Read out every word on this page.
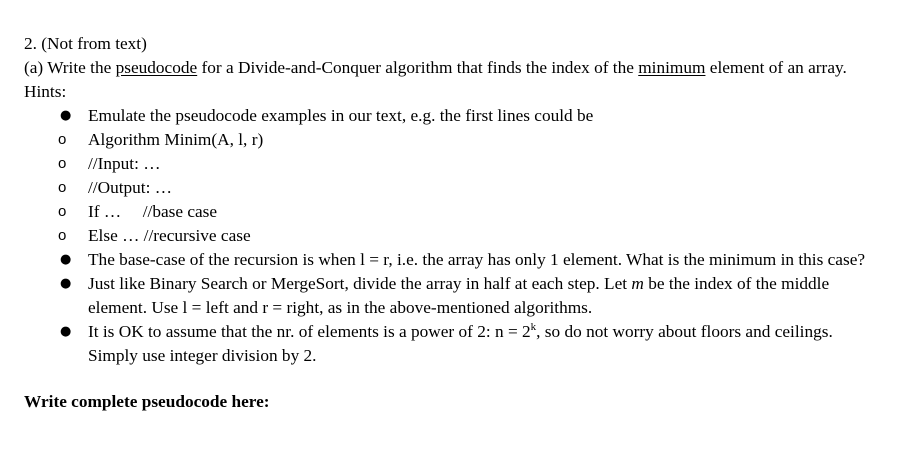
2. (Not from text)

(a) Write the pseudocode for a Divide-and-Conquer algorithm that finds the index of the minimum element of an array. Hints:

● Emulate the pseudocode examples in our text, e.g. the first lines could be
o Algorithm Minim(A, l, r)
o //Input: …
o //Output: …
o If …     //base case
o Else … //recursive case
● The base-case of the recursion is when l = r, i.e. the array has only 1 element. What is the minimum in this case?
● Just like Binary Search or MergeSort, divide the array in half at each step. Let m be the index of the middle element. Use l = left and r = right, as in the above-mentioned algorithms.
● It is OK to assume that the nr. of elements is a power of 2: $n = 2^k$, so do not worry about floors and ceilings. Simply use integer division by 2.

Write complete pseudocode here:
